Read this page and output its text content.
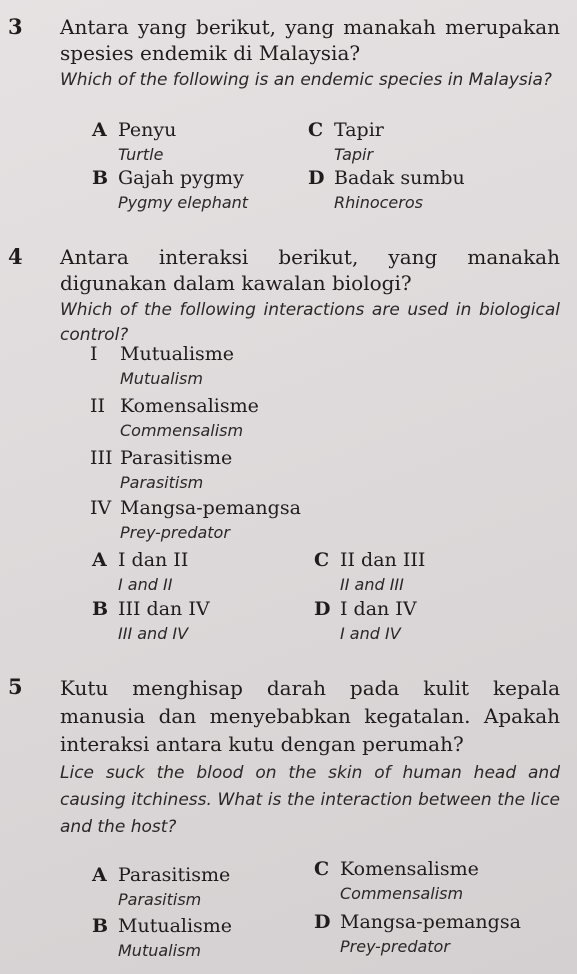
3 Antara yang berikut, yang manakah merupakan spesies endemik di Malaysia?

Which of the following is an endemic species in Malaysia?

A Penyu
Turtle
B Gajah pygmy
Pygmy elephant
C Tapir
Tapir
D Badak sumbu
Rhinoceros
4 Antara interaksi berikut, yang manakah digunakan dalam kawalan biologi?

Which of the following interactions are used in biological control?

I Mutualisme
Mutualism
II Komensalisme
Commensalism
III Parasitisme
Parasitism
IV Mangsa-pemangsa
Prey-predator
A I dan II
I and II
B III dan IV
III and IV
C II dan III
II and III
D I dan IV
I and IV
5 Kutu menghisap darah pada kulit kepala manusia dan menyebabkan kegatalan. Apakah interaksi antara kutu dengan perumah?

Lice suck the blood on the skin of human head and causing itchiness. What is the interaction between the lice and the host?

A Parasitisme
Parasitism
B Mutualisme
Mutualism
C Komensalisme
Commensalism
D Mangsa-pemangsa
Prey-predator
